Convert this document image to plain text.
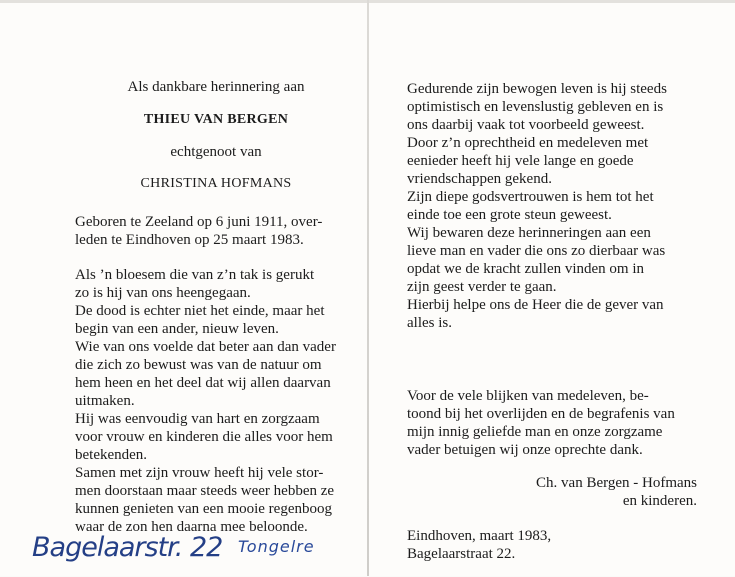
Als dankbare herinnering aan

THIEU VAN BERGEN

echtgenoot van

CHRISTINA HOFMANS

Geboren te Zeeland op 6 juni 1911, over-

leden te Eindhoven op 25 maart 1983.

Als ’n bloesem die van z’n tak is gerukt

zo is hij van ons heengegaan.

De dood is echter niet het einde, maar het

begin van een ander, nieuw leven.

Wie van ons voelde dat beter aan dan vader

die zich zo bewust was van de natuur om

hem heen en het deel dat wij allen daarvan

uitmaken.

Hij was eenvoudig van hart en zorgzaam

voor vrouw en kinderen die alles voor hem

betekenden.

Samen met zijn vrouw heeft hij vele stor-

men doorstaan maar steeds weer hebben ze

kunnen genieten van een mooie regenboog

waar de zon hen daarna mee beloonde.

Gedurende zijn bewogen leven is hij steeds

optimistisch en levenslustig gebleven en is

ons daarbij vaak tot voorbeeld geweest.

Door z’n oprechtheid en medeleven met

eenieder heeft hij vele lange en goede

vriendschappen gekend.

Zijn diepe godsvertrouwen is hem tot het

einde toe een grote steun geweest.

Wij bewaren deze herinneringen aan een

lieve man en vader die ons zo dierbaar was

opdat we de kracht zullen vinden om in

zijn geest verder te gaan.

Hierbij helpe ons de Heer die de gever van

alles is.

Voor de vele blijken van medeleven, be-

toond bij het overlijden en de begrafenis van

mijn innig geliefde man en onze zorgzame

vader betuigen wij onze oprechte dank.

Ch. van Bergen - Hofmans
en kinderen.

Eindhoven, maart 1983,

Bagelaarstraat 22.

Bagelaarstr. 22 Tongelre
